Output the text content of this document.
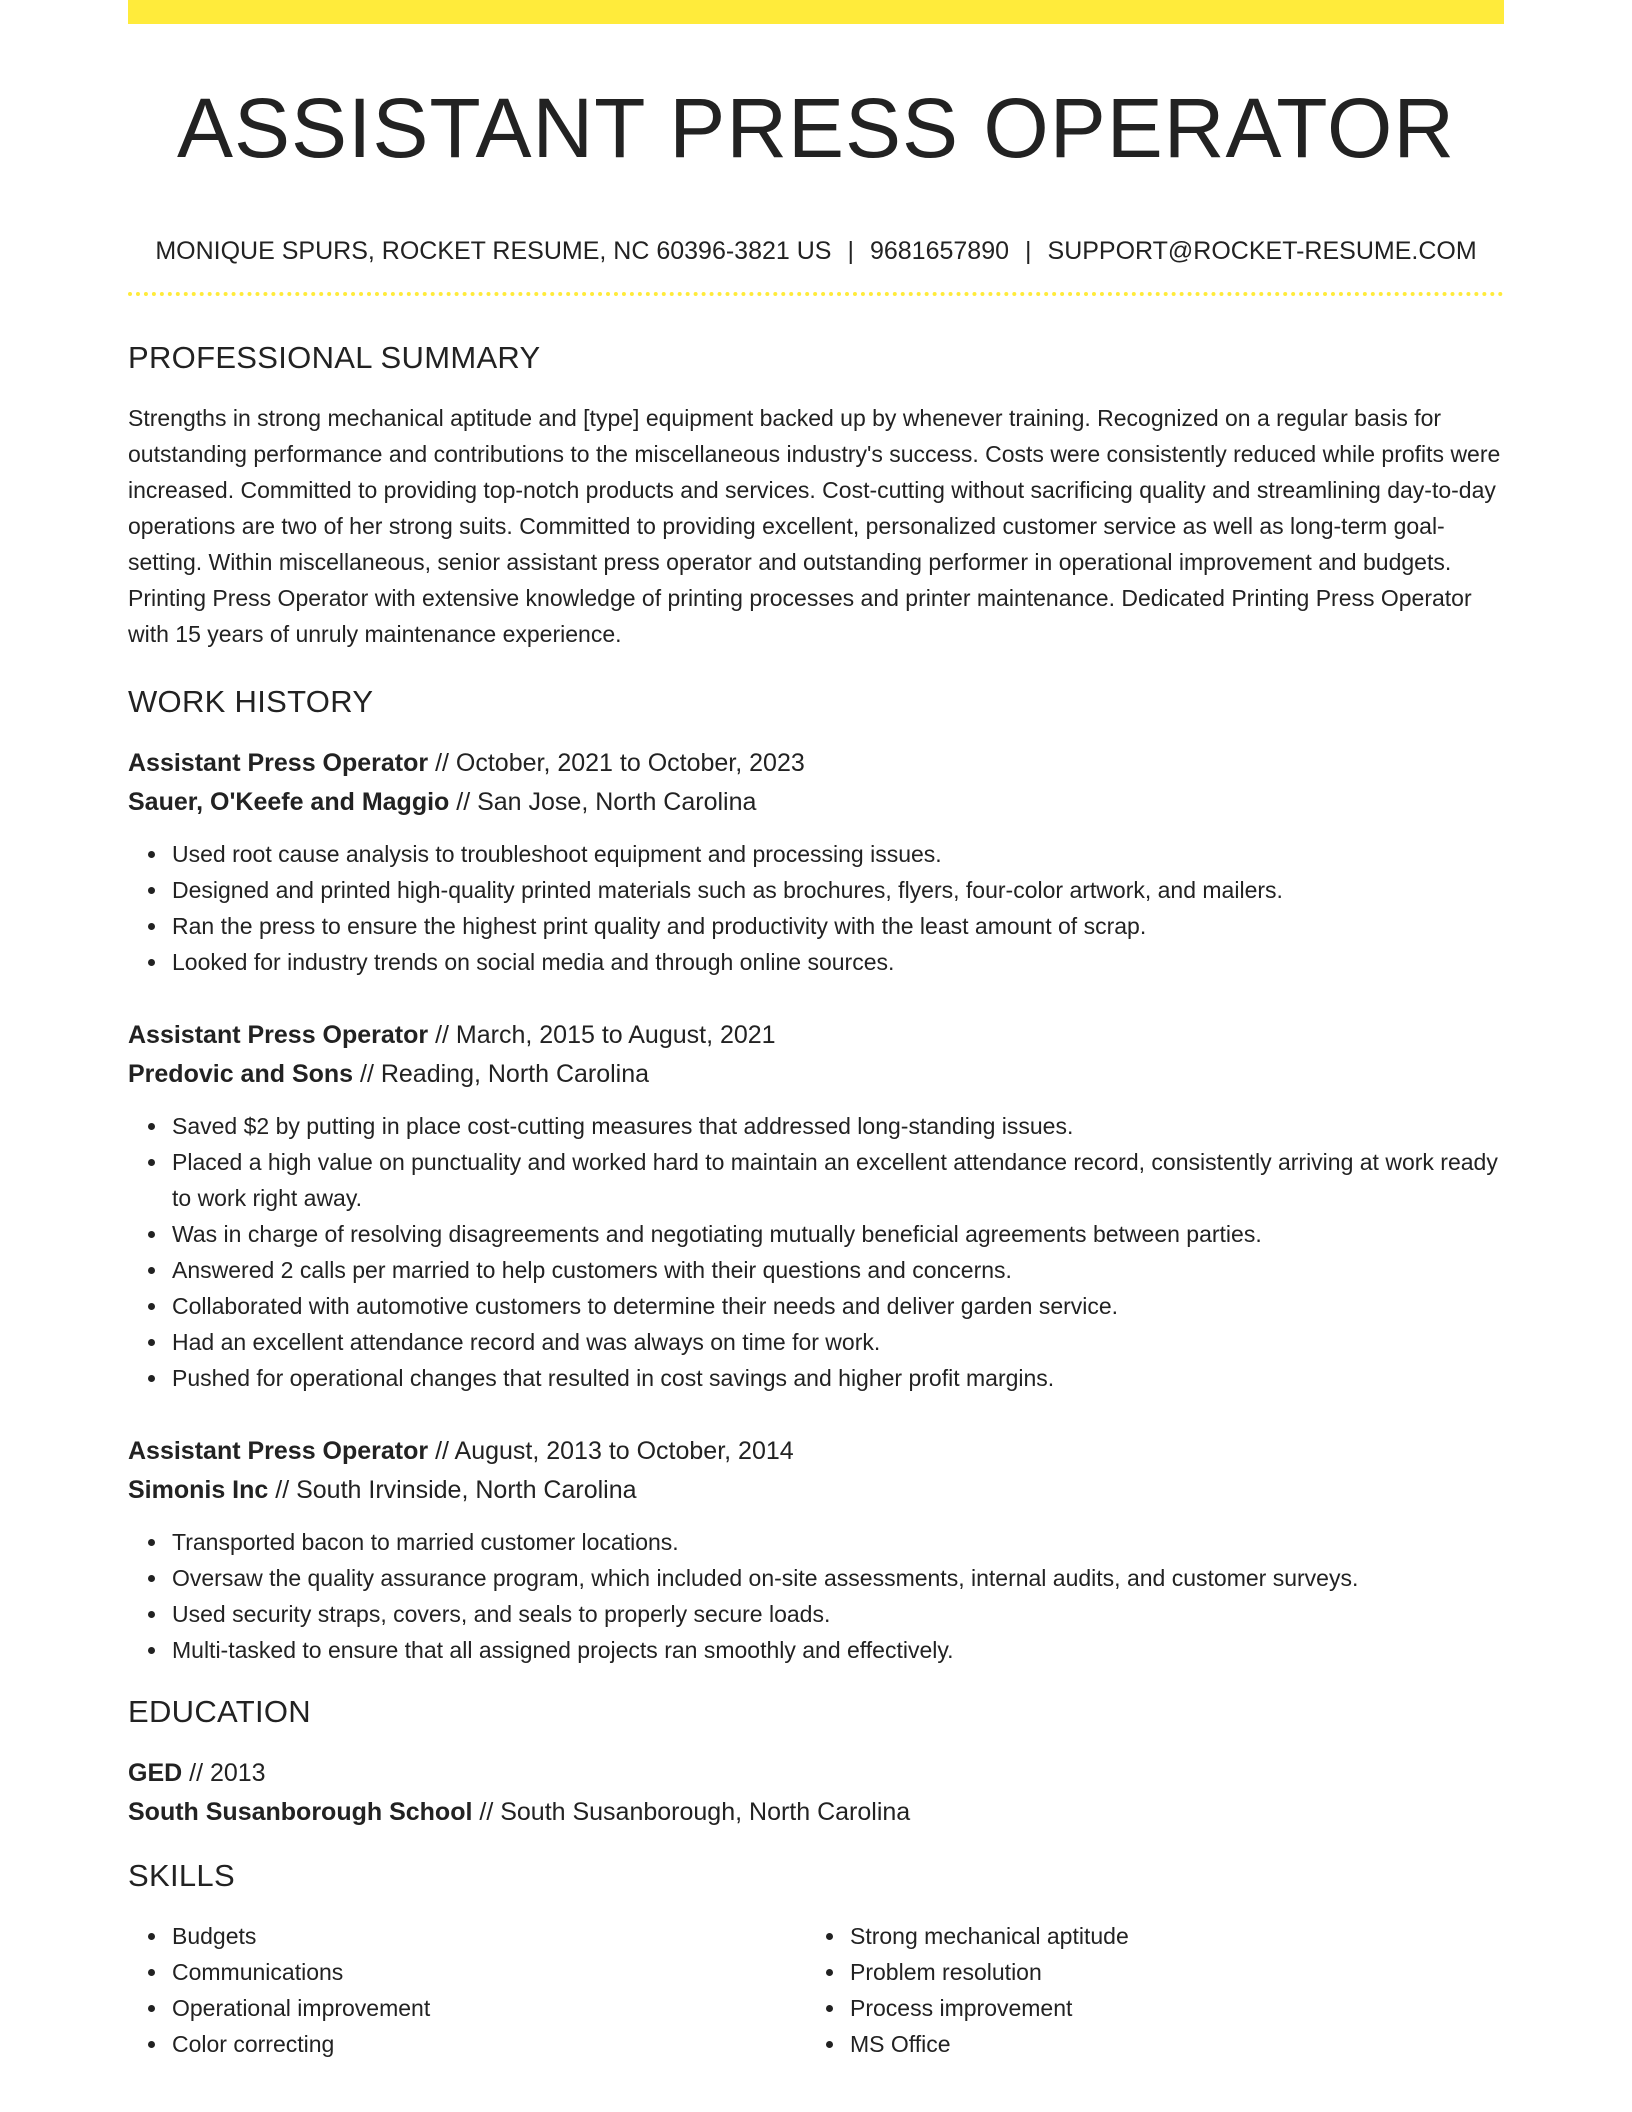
ASSISTANT PRESS OPERATOR
MONIQUE SPURS, ROCKET RESUME, NC 60396-3821 US | 9681657890 | SUPPORT@ROCKET-RESUME.COM
PROFESSIONAL SUMMARY

Strengths in strong mechanical aptitude and [type] equipment backed up by whenever training. Recognized on a regular basis for outstanding performance and contributions to the miscellaneous industry's success. Costs were consistently reduced while profits were increased. Committed to providing top-notch products and services. Cost-cutting without sacrificing quality and streamlining day-to-day operations are two of her strong suits. Committed to providing excellent, personalized customer service as well as long-term goal-setting. Within miscellaneous, senior assistant press operator and outstanding performer in operational improvement and budgets. Printing Press Operator with extensive knowledge of printing processes and printer maintenance. Dedicated Printing Press Operator with 15 years of unruly maintenance experience.

WORK HISTORY
Assistant Press Operator // October, 2021 to October, 2023
Sauer, O'Keefe and Maggio // San Jose, North Carolina
Used root cause analysis to troubleshoot equipment and processing issues.
Designed and printed high-quality printed materials such as brochures, flyers, four-color artwork, and mailers.
Ran the press to ensure the highest print quality and productivity with the least amount of scrap.
Looked for industry trends on social media and through online sources.
Assistant Press Operator // March, 2015 to August, 2021
Predovic and Sons // Reading, North Carolina
Saved $2 by putting in place cost-cutting measures that addressed long-standing issues.
Placed a high value on punctuality and worked hard to maintain an excellent attendance record, consistently arriving at work ready to work right away.
Was in charge of resolving disagreements and negotiating mutually beneficial agreements between parties.
Answered 2 calls per married to help customers with their questions and concerns.
Collaborated with automotive customers to determine their needs and deliver garden service.
Had an excellent attendance record and was always on time for work.
Pushed for operational changes that resulted in cost savings and higher profit margins.
Assistant Press Operator // August, 2013 to October, 2014
Simonis Inc // South Irvinside, North Carolina
Transported bacon to married customer locations.
Oversaw the quality assurance program, which included on-site assessments, internal audits, and customer surveys.
Used security straps, covers, and seals to properly secure loads.
Multi-tasked to ensure that all assigned projects ran smoothly and effectively.
EDUCATION
GED // 2013
South Susanborough School // South Susanborough, North Carolina
SKILLS
Budgets
Communications
Operational improvement
Color correcting
Strong mechanical aptitude
Problem resolution
Process improvement
MS Office
